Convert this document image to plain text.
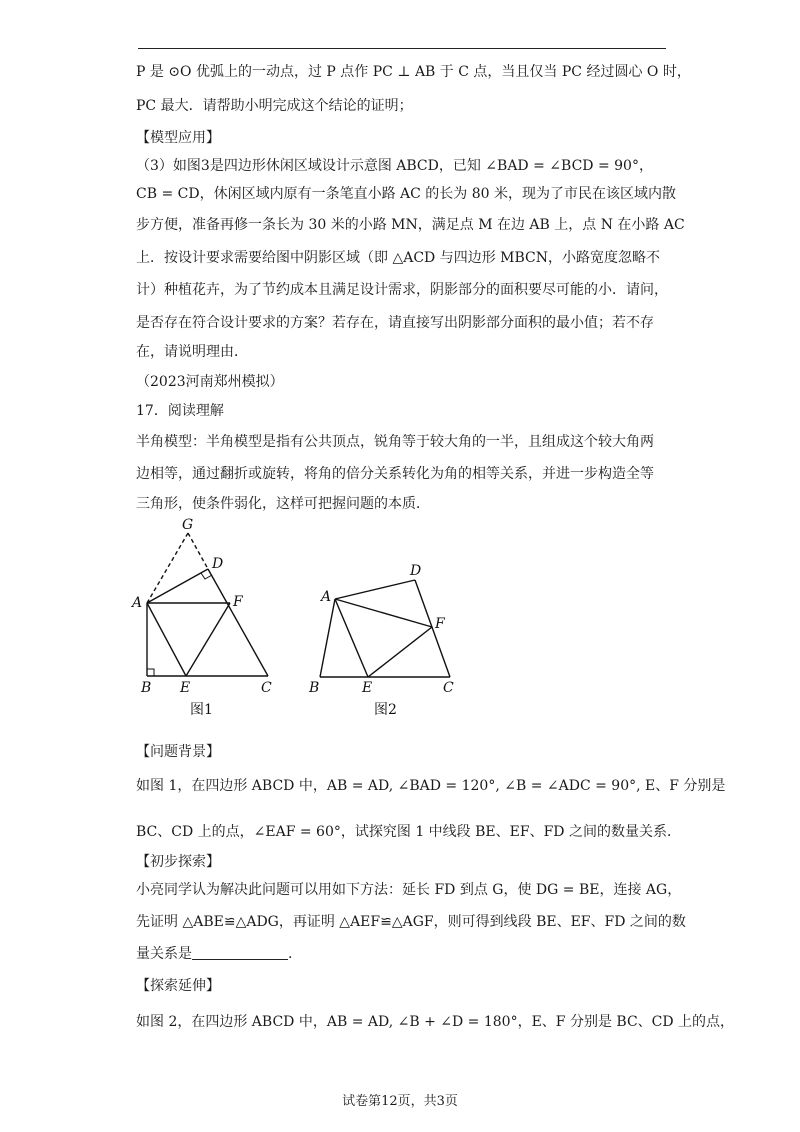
P 是 ⊙O 优弧上的一动点，过 P 点作 PC ⊥ AB 于 C 点，当且仅当 PC 经过圆心 O 时，
PC 最大．请帮助小明完成这个结论的证明；
【模型应用】
（3）如图3是四边形休闲区域设计示意图 ABCD，已知 ∠BAD = ∠BCD = 90°，
CB = CD，休闲区域内原有一条笔直小路 AC 的长为 80 米，现为了市民在该区域内散
步方便，准备再修一条长为 30 米的小路 MN，满足点 M 在边 AB 上，点 N 在小路 AC
上．按设计要求需要给图中阴影区域（即 △ACD 与四边形 MBCN，小路宽度忽略不
计）种植花卉，为了节约成本且满足设计需求，阴影部分的面积要尽可能的小．请问，
是否存在符合设计要求的方案？若存在，请直接写出阴影部分面积的最小值；若不存
在，请说明理由．
（2023河南郑州模拟）
17．阅读理解
半角模型：半角模型是指有公共顶点，锐角等于较大角的一半，且组成这个较大角两
边相等，通过翻折或旋转，将角的倍分关系转化为角的相等关系，并进一步构造全等
三角形，使条件弱化，这样可把握问题的本质．
G
D
A	F
B E	C
图1
D
A
F
B	E	C
图2
【问题背景】
如图 1，在四边形 ABCD 中，AB = AD, ∠BAD = 120°, ∠B = ∠ADC = 90°, E、F 分别是
BC、CD 上的点，∠EAF = 60°，试探究图 1 中线段 BE、EF、FD 之间的数量关系．
【初步探索】
小亮同学认为解决此问题可以用如下方法：延长 FD 到点 G，使 DG = BE，连接 AG，
先证明 △ABE≌△ADG，再证明 △AEF≌△AGF，则可得到线段 BE、EF、FD 之间的数
量关系是	.
【探索延伸】
如图 2，在四边形 ABCD 中，AB = AD, ∠B + ∠D = 180°，E、F 分别是 BC、CD 上的点，
试卷第12页，共3页
